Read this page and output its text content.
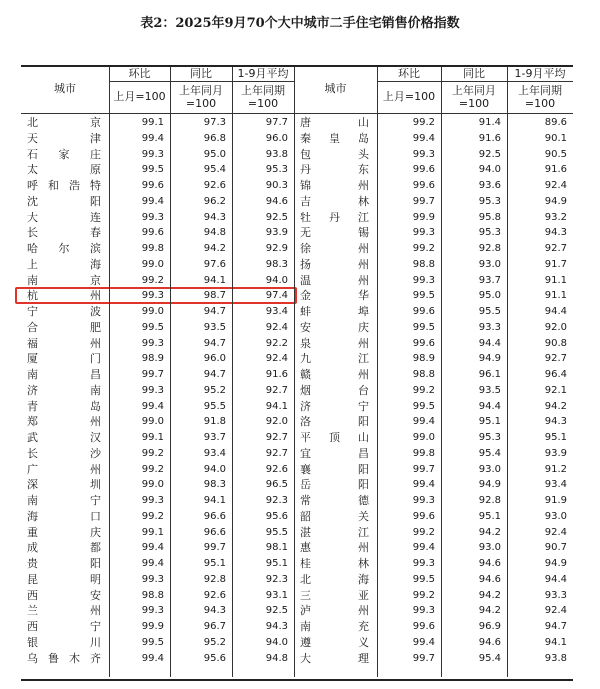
表2：2025年9月70个大中城市二手住宅销售价格指数
城市
环比	同比	1-9月平均
上月=100	上年同月
=100
上年同期
=100
城市
环比	同比	1-9月平均
上月=100	上年同月
=100
上年同期
=100
北　　京	99.1	97.3	97.7
天　　津	99.4	96.8	96.0
石 家 庄	99.3	95.0	93.8
太　　原	99.5	95.4	95.3
呼和浩特	99.6	92.6	90.3
沈　　阳	99.4	96.2	94.6
大　　连	99.3	94.3	92.5
长　　春	99.6	94.8	93.9
哈 尔 滨	99.8	94.2	92.9
上　　海	99.0	97.6	98.3
南　　京	99.2	94.1	94.0
杭　　州	99.3	98.7	97.4
宁　　波	99.0	94.7	93.4
合　　肥	99.5	93.5	92.4
福　　州	99.3	94.7	92.2
厦　　门	98.9	96.0	92.4
南　　昌	99.7	94.7	91.6
济　　南	99.3	95.2	92.7
青　　岛	99.4	95.5	94.1
郑　　州	99.0	91.8	92.0
武　　汉	99.1	93.7	92.7
长　　沙	99.2	93.4	92.7
广　　州	99.2	94.0	92.6
深　　圳	99.0	98.3	96.5
南　　宁	99.3	94.1	92.3
海　　口	99.2	96.6	95.6
重　　庆	99.1	96.6	95.5
成　　都	99.4	99.7	98.1
贵　　阳	99.4	95.1	95.1
昆　　明	99.3	92.8	92.3
西　　安	98.8	92.6	93.1
兰　　州	99.3	94.3	92.5
西　　宁	99.9	96.7	94.3
银　　川	99.5	95.2	94.0
乌鲁木齐	99.4	95.6	94.8
唐　　山	99.2	91.4	89.6
秦 皇 岛	99.4	91.6	90.1
包　　头	99.3	92.5	90.5
丹　　东	99.6	94.0	91.6
锦　　州	99.6	93.6	92.4
吉　　林	99.7	95.3	94.9
牡 丹 江	99.9	95.8	93.2
无　　锡	99.3	95.3	94.3
徐　　州	99.2	92.8	92.7
扬　　州	98.8	93.0	91.7
温　　州	99.3	93.7	91.1
金　　华	99.5	95.0	91.1
蚌　　埠	99.6	95.5	94.4
安　　庆	99.5	93.3	92.0
泉　　州	99.6	94.4	90.8
九　　江	98.9	94.9	92.7
赣　　州	98.8	96.1	96.4
烟　　台	99.2	93.5	92.1
济　　宁	99.5	94.4	94.2
洛　　阳	99.4	95.1	94.3
平 顶 山	99.0	95.3	95.1
宜　　昌	99.8	95.4	93.9
襄　　阳	99.7	93.0	91.2
岳　　阳	99.4	94.9	93.4
常　　德	99.3	92.8	91.9
韶　　关	99.6	95.1	93.0
湛　　江	99.2	94.2	92.4
惠　　州	99.4	93.0	90.7
桂　　林	99.3	94.6	94.9
北　　海	99.5	94.6	94.4
三　　亚	99.2	94.2	93.3
泸　　州	99.3	94.2	92.4
南　　充	99.6	96.9	94.7
遵　　义	99.4	94.6	94.1
大　　理	99.7	95.4	93.8
